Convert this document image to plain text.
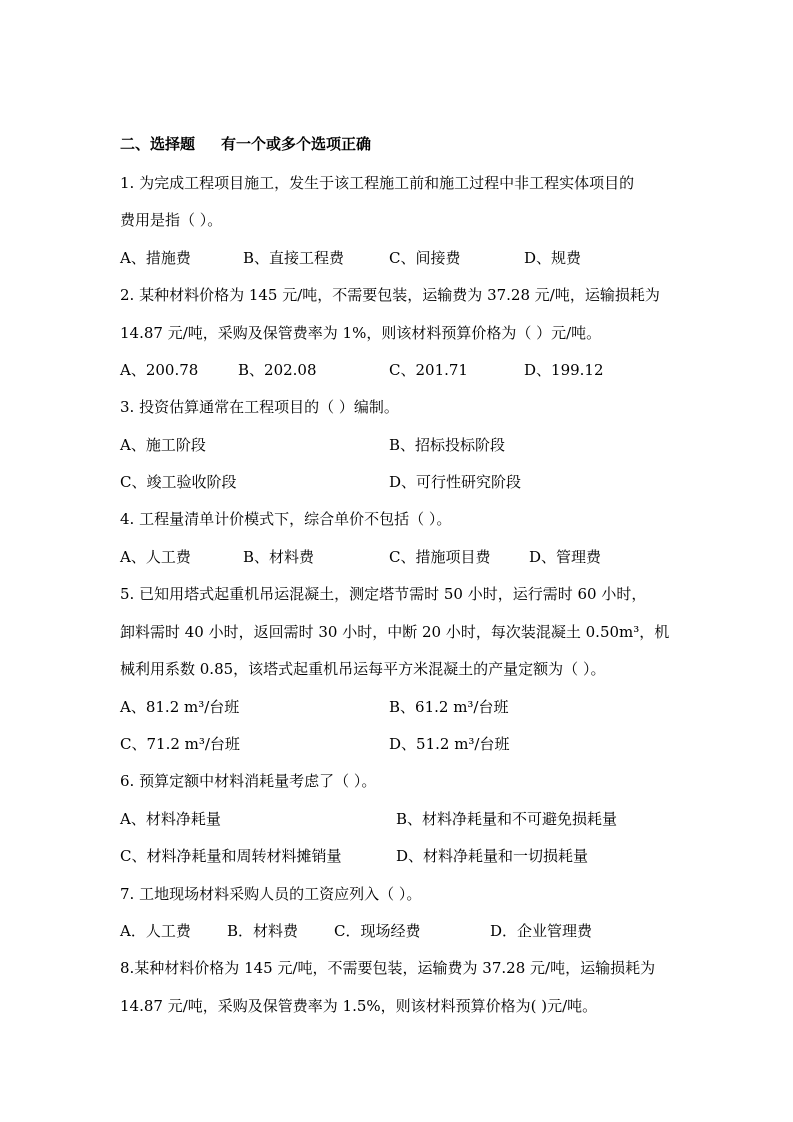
二、选择题 有一个或多个选项正确
1. 为完成工程项目施工，发生于该工程施工前和施工过程中非工程实体项目的
费用是指（ ）。
A、措施费	B、直接工程费	C、间接费	D、规费
2. 某种材料价格为 145 元/吨，不需要包装，运输费为 37.28 元/吨，运输损耗为
14.87 元/吨，采购及保管费率为 1%，则该材料预算价格为（ ）元/吨。
A、200.78	B、202.08	C、201.71	D、199.12
3. 投资估算通常在工程项目的（ ）编制。
A、施工阶段	B、招标投标阶段
C、竣工验收阶段	D、可行性研究阶段
4. 工程量清单计价模式下，综合单价不包括（ ）。
A、人工费	B、材料费	C、措施项目费	D、管理费
5. 已知用塔式起重机吊运混凝土，测定塔节需时 50 小时，运行需时 60 小时，
卸料需时 40 小时，返回需时 30 小时，中断 20 小时，每次装混凝土 0.50m³，机
械利用系数 0.85，该塔式起重机吊运每平方米混凝土的产量定额为（ ）。
A、81.2 m³/台班	B、61.2 m³/台班
C、71.2 m³/台班	D、51.2 m³/台班
6. 预算定额中材料消耗量考虑了（ ）。
A、材料净耗量	B、材料净耗量和不可避免损耗量
C、材料净耗量和周转材料摊销量	D、材料净耗量和一切损耗量
7. 工地现场材料采购人员的工资应列入（ ）。
A．人工费 B．材料费 C．现场经费	D．企业管理费
8.某种材料价格为 145 元/吨，不需要包装，运输费为 37.28 元/吨，运输损耗为
14.87 元/吨，采购及保管费率为 1.5%，则该材料预算价格为( )元/吨。
